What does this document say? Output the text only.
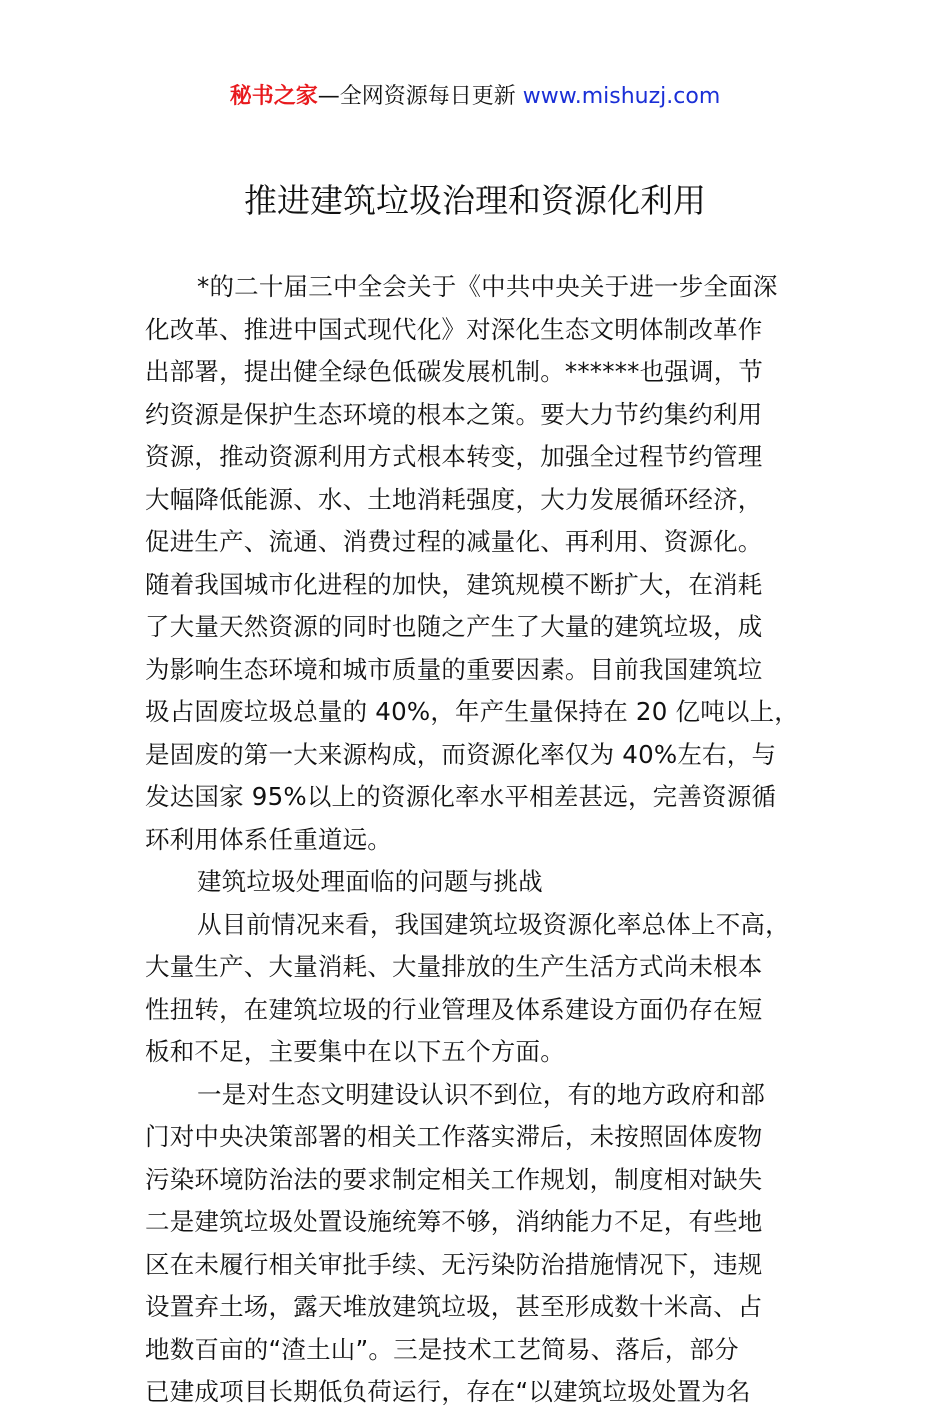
秘书之家—全网资源每日更新 www.mishuzj.com
推进建筑垃圾治理和资源化利用
*的二十届三中全会关于《中共中央关于进一步全面深
化改革、推进中国式现代化》对深化生态文明体制改革作
出部署，提出健全绿色低碳发展机制。******也强调，节
约资源是保护生态环境的根本之策。要大力节约集约利用
资源，推动资源利用方式根本转变，加强全过程节约管理
大幅降低能源、水、土地消耗强度，大力发展循环经济，
促进生产、流通、消费过程的减量化、再利用、资源化。
随着我国城市化进程的加快，建筑规模不断扩大，在消耗
了大量天然资源的同时也随之产生了大量的建筑垃圾，成
为影响生态环境和城市质量的重要因素。目前我国建筑垃
圾占固废垃圾总量的 40%，年产生量保持在 20 亿吨以上，
是固废的第一大来源构成，而资源化率仅为 40%左右，与
发达国家 95%以上的资源化率水平相差甚远，完善资源循
环利用体系任重道远。
建筑垃圾处理面临的问题与挑战
从目前情况来看，我国建筑垃圾资源化率总体上不高，
大量生产、大量消耗、大量排放的生产生活方式尚未根本
性扭转，在建筑垃圾的行业管理及体系建设方面仍存在短
板和不足，主要集中在以下五个方面。
一是对生态文明建设认识不到位，有的地方政府和部
门对中央决策部署的相关工作落实滞后，未按照固体废物
污染环境防治法的要求制定相关工作规划，制度相对缺失
二是建筑垃圾处置设施统筹不够，消纳能力不足，有些地
区在未履行相关审批手续、无污染防治措施情况下，违规
设置弃土场，露天堆放建筑垃圾，甚至形成数十米高、占
地数百亩的“渣土山”。三是技术工艺简易、落后，部分
已建成项目长期低负荷运行，存在“以建筑垃圾处置为名
